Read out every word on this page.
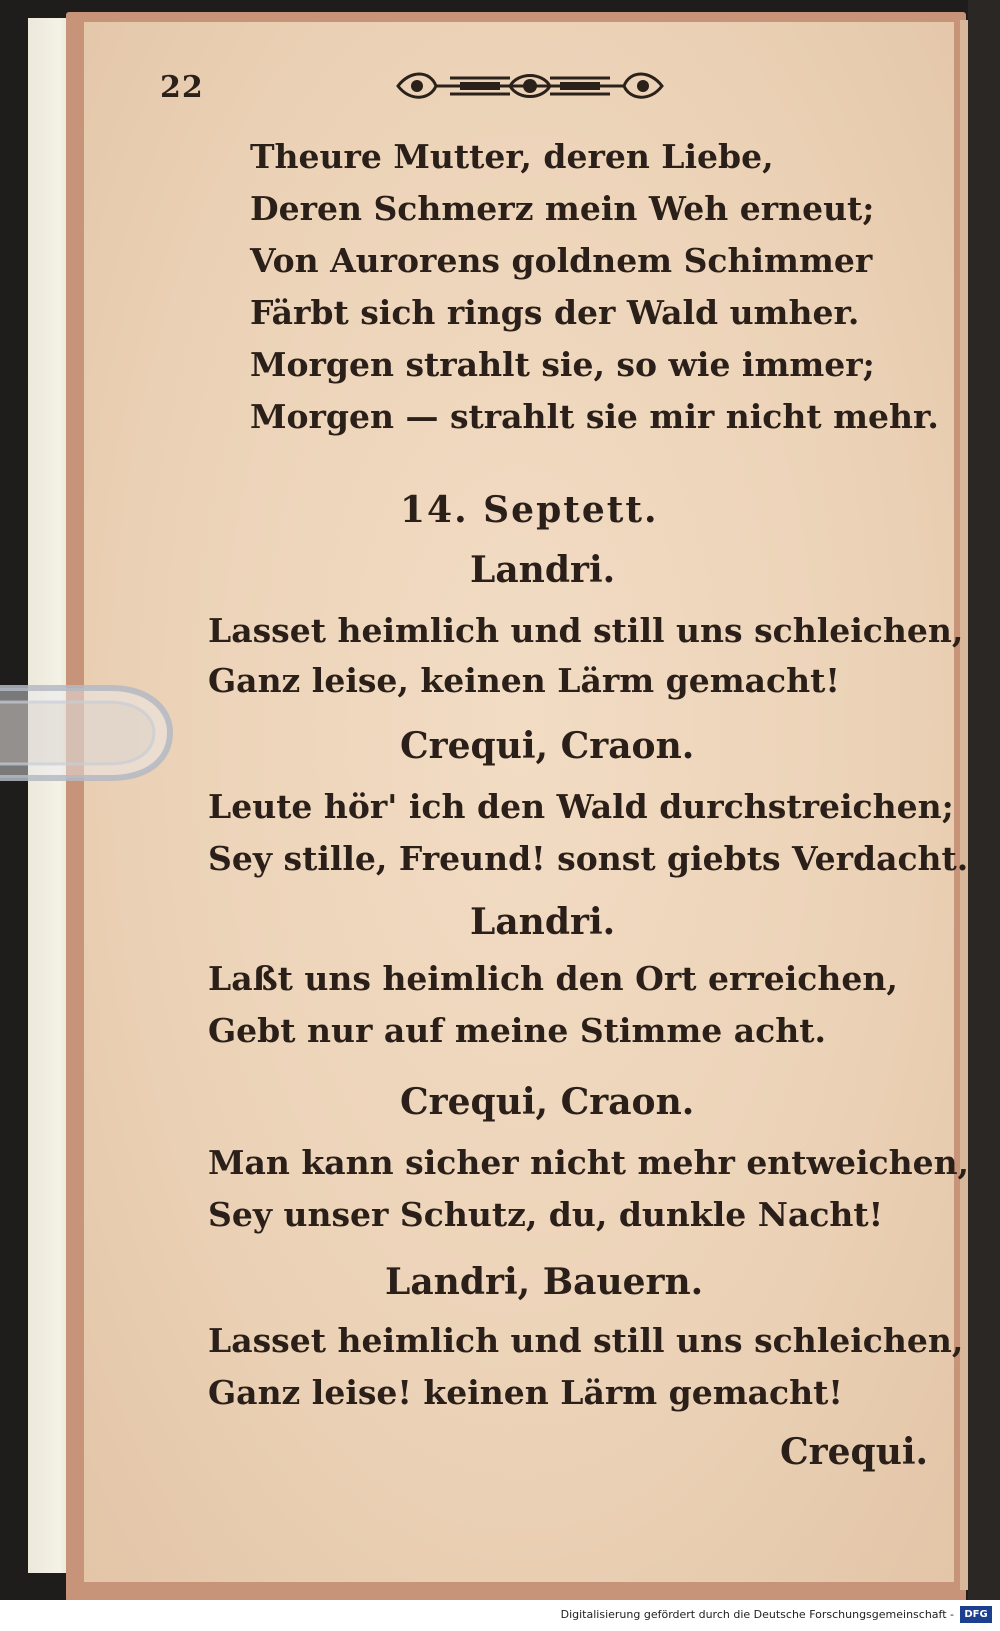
22
Theure Mutter, deren Liebe,
Deren Schmerz mein Weh erneut;
Von Aurorens goldnem Schimmer
Färbt sich rings der Wald umher.
Morgen strahlt sie, so wie immer;
Morgen — strahlt sie mir nicht mehr.
14. Septett.
Landri.
Lasset heimlich und still uns schleichen,
Ganz leise, keinen Lärm gemacht!
Crequi, Craon.
Leute hör' ich den Wald durchstreichen;
Sey stille, Freund! sonst giebts Verdacht.
Landri.
Laßt uns heimlich den Ort erreichen,
Gebt nur auf meine Stimme acht.
Crequi, Craon.
Man kann sicher nicht mehr entweichen,
Sey unser Schutz, du, dunkle Nacht!
Landri, Bauern.
Lasset heimlich und still uns schleichen,
Ganz leise! keinen Lärm gemacht!
Crequi.
Digitalisierung gefördert durch die Deutsche Forschungsgemeinschaft -	DFG
